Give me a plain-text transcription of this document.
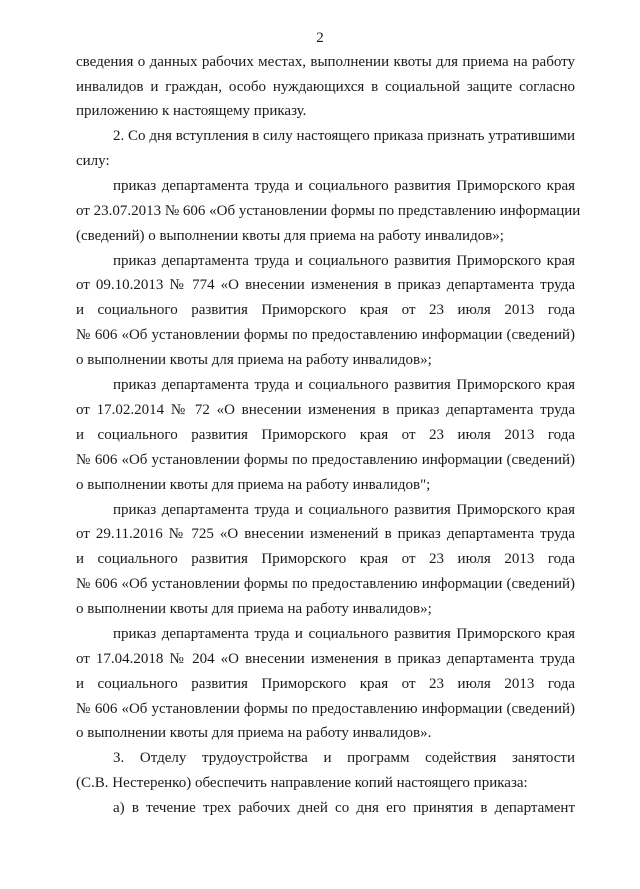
2
сведения о данных рабочих местах, выполнении квоты для приема на работу
инвалидов и граждан, особо нуждающихся в социальной защите согласно
приложению к настоящему приказу.
2. Со дня вступления в силу настоящего приказа признать утратившими
силу:
приказ департамента труда и социального развития Приморского края
от 23.07.2013 № 606 «Об установлении формы по представлению информации
(сведений) о выполнении квоты для приема на работу инвалидов»;
приказ департамента труда и социального развития Приморского края
от 09.10.2013 № 774 «О внесении изменения в приказ департамента труда
и социального развития Приморского края от 23 июля 2013 года
№ 606 «Об установлении формы по предоставлению информации (сведений)
о выполнении квоты для приема на работу инвалидов»;
приказ департамента труда и социального развития Приморского края
от 17.02.2014 № 72 «О внесении изменения в приказ департамента труда
и социального развития Приморского края от 23 июля 2013 года
№ 606 «Об установлении формы по предоставлению информации (сведений)
о выполнении квоты для приема на работу инвалидов";
приказ департамента труда и социального развития Приморского края
от 29.11.2016 № 725 «О внесении изменений в приказ департамента труда
и социального развития Приморского края от 23 июля 2013 года
№ 606 «Об установлении формы по предоставлению информации (сведений)
о выполнении квоты для приема на работу инвалидов»;
приказ департамента труда и социального развития Приморского края
от 17.04.2018 № 204 «О внесении изменения в приказ департамента труда
и социального развития Приморского края от 23 июля 2013 года
№ 606 «Об установлении формы по предоставлению информации (сведений)
о выполнении квоты для приема на работу инвалидов».
3. Отделу трудоустройства и программ содействия занятости
(С.В. Нестеренко) обеспечить направление копий настоящего приказа:
а) в течение трех рабочих дней со дня его принятия в департамент
